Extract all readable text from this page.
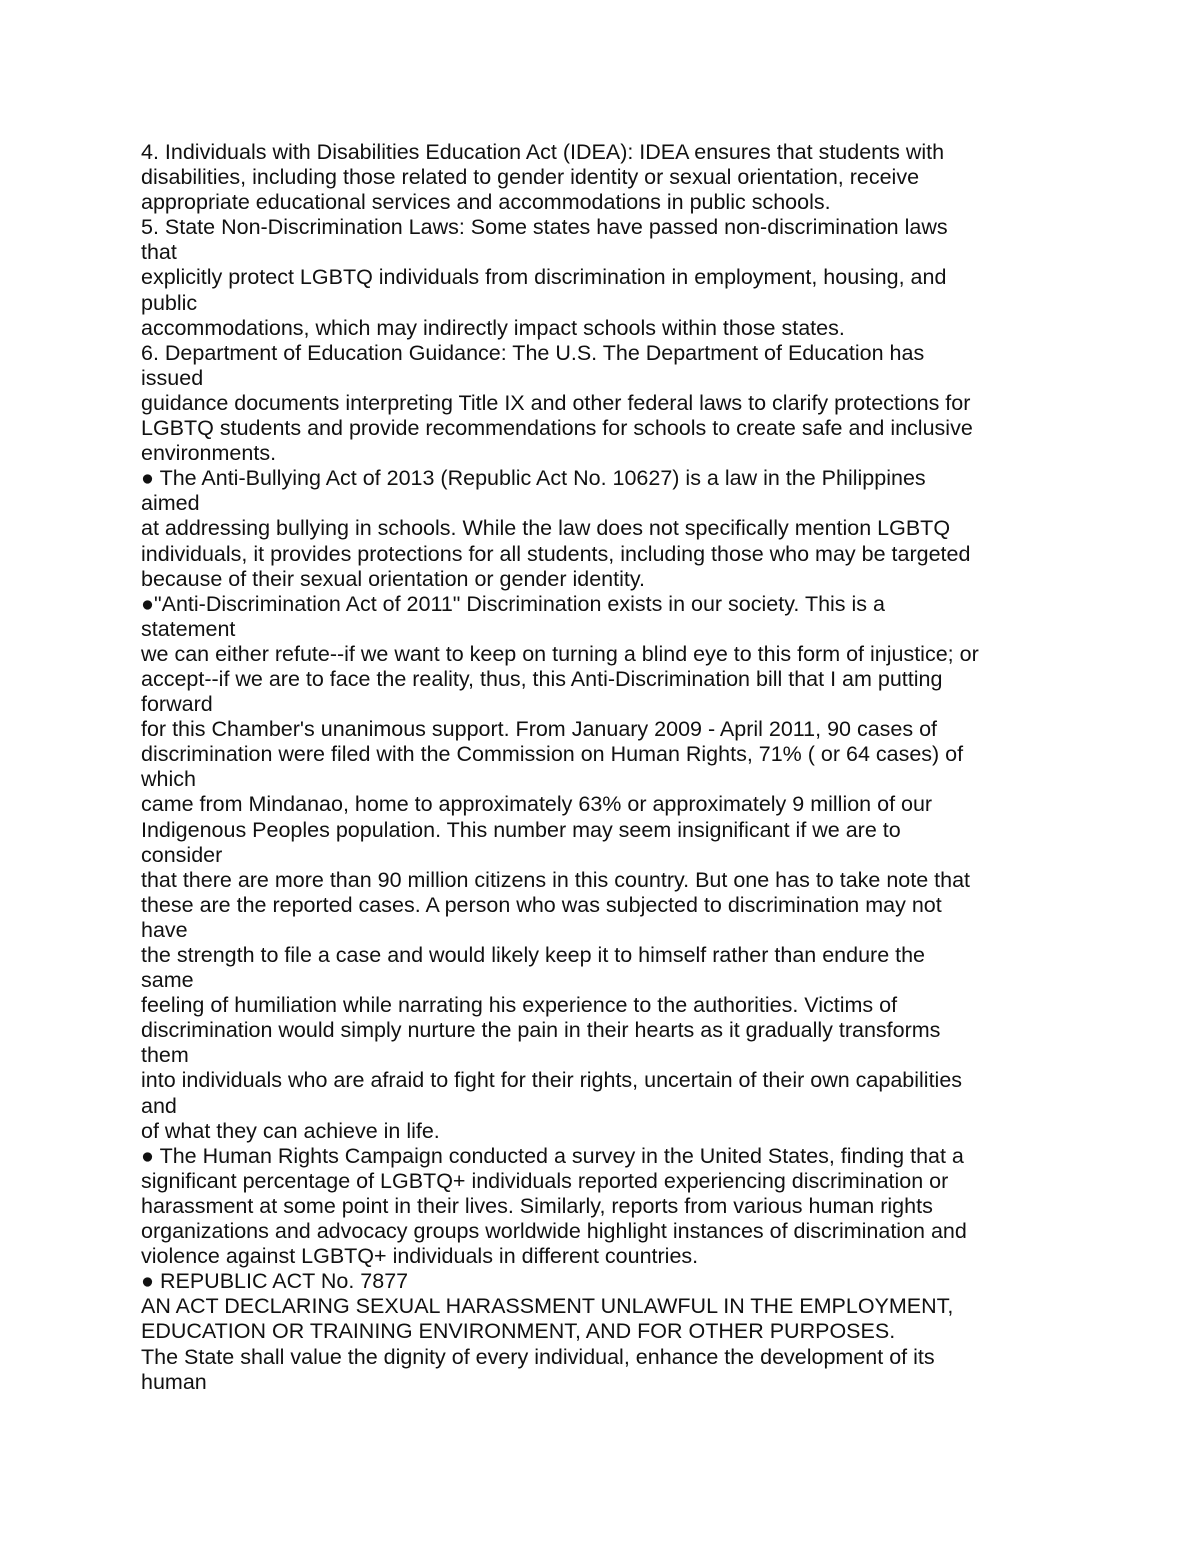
4. Individuals with Disabilities Education Act (IDEA): IDEA ensures that students with
disabilities, including those related to gender identity or sexual orientation, receive
appropriate educational services and accommodations in public schools.
5. State Non-Discrimination Laws: Some states have passed non-discrimination laws
that
explicitly protect LGBTQ individuals from discrimination in employment, housing, and
public
accommodations, which may indirectly impact schools within those states.
6. Department of Education Guidance: The U.S. The Department of Education has
issued
guidance documents interpreting Title IX and other federal laws to clarify protections for
LGBTQ students and provide recommendations for schools to create safe and inclusive
environments.
● The Anti-Bullying Act of 2013 (Republic Act No. 10627) is a law in the Philippines
aimed
at addressing bullying in schools. While the law does not specifically mention LGBTQ
individuals, it provides protections for all students, including those who may be targeted
because of their sexual orientation or gender identity.
●"Anti-Discrimination Act of 2011" Discrimination exists in our society. This is a
statement
we can either refute--if we want to keep on turning a blind eye to this form of injustice; or
accept--if we are to face the reality, thus, this Anti-Discrimination bill that I am putting
forward
for this Chamber's unanimous support. From January 2009 - April 2011, 90 cases of
discrimination were filed with the Commission on Human Rights, 71% ( or 64 cases) of
which
came from Mindanao, home to approximately 63% or approximately 9 million of our
Indigenous Peoples population. This number may seem insignificant if we are to
consider
that there are more than 90 million citizens in this country. But one has to take note that
these are the reported cases. A person who was subjected to discrimination may not
have
the strength to file a case and would likely keep it to himself rather than endure the
same
feeling of humiliation while narrating his experience to the authorities. Victims of
discrimination would simply nurture the pain in their hearts as it gradually transforms
them
into individuals who are afraid to fight for their rights, uncertain of their own capabilities
and
of what they can achieve in life.
● The Human Rights Campaign conducted a survey in the United States, finding that a
significant percentage of LGBTQ+ individuals reported experiencing discrimination or
harassment at some point in their lives. Similarly, reports from various human rights
organizations and advocacy groups worldwide highlight instances of discrimination and
violence against LGBTQ+ individuals in different countries.
● REPUBLIC ACT No. 7877
AN ACT DECLARING SEXUAL HARASSMENT UNLAWFUL IN THE EMPLOYMENT,
EDUCATION OR TRAINING ENVIRONMENT, AND FOR OTHER PURPOSES.
The State shall value the dignity of every individual, enhance the development of its
human
